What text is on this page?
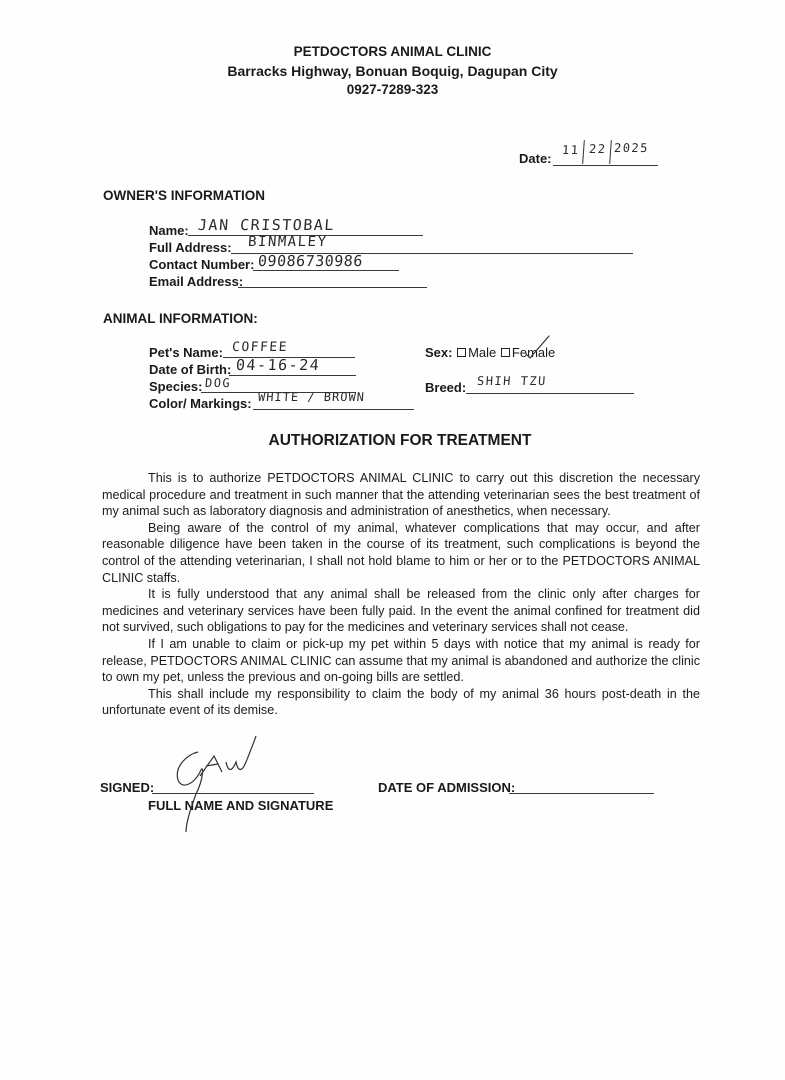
PETDOCTORS ANIMAL CLINIC
Barracks Highway, Bonuan Boquig, Dagupan City
0927-7289-323
Date:
11 22 2025
OWNER'S INFORMATION
Name: JAN CRISTOBAL
Full Address: BINMALEY
Contact Number: 09086730986
Email Address:
ANIMAL INFORMATION:
Pet's Name: COFFEE
Date of Birth: 04-16-24
Species: DOG
Color/ Markings: WHITE / BROWN
Sex: Male Female
Breed: SHIH TZU
AUTHORIZATION FOR TREATMENT

This is to authorize PETDOCTORS ANIMAL CLINIC to carry out this discretion the necessary medical procedure and treatment in such manner that the attending veterinarian sees the best treatment of my animal such as laboratory diagnosis and administration of anesthetics, when necessary.

Being aware of the control of my animal, whatever complications that may occur, and after reasonable diligence have been taken in the course of its treatment, such complications is beyond the control of the attending veterinarian, I shall not hold blame to him or her or to the PETDOCTORS ANIMAL CLINIC staffs.

It is fully understood that any animal shall be released from the clinic only after charges for medicines and veterinary services have been fully paid. In the event the animal confined for treatment did not survived, such obligations to pay for the medicines and veterinary services shall not cease.

If I am unable to claim or pick-up my pet within 5 days with notice that my animal is ready for release, PETDOCTORS ANIMAL CLINIC can assume that my animal is abandoned and authorize the clinic to own my pet, unless the previous and on-going bills are settled.

This shall include my responsibility to claim the body of my animal 36 hours post-death in the unfortunate event of its demise.

SIGNED:
FULL NAME AND SIGNATURE
DATE OF ADMISSION:
